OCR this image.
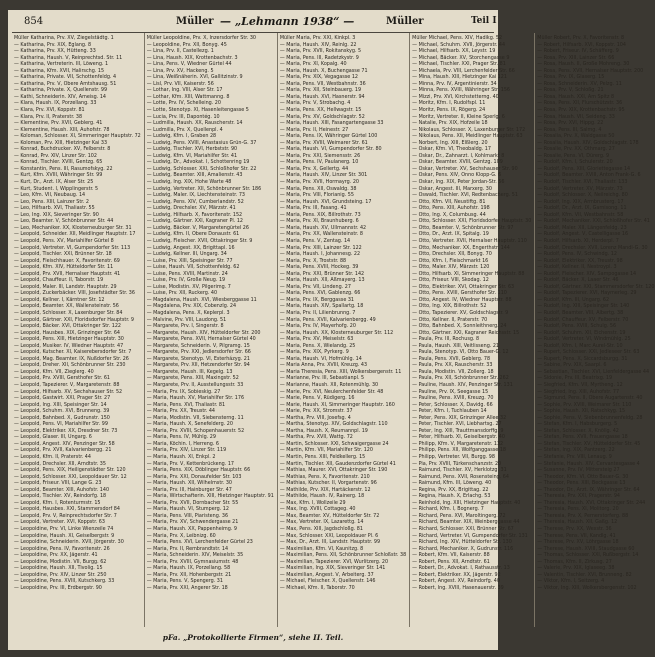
854	Müller — „Lehmann 1938“ —	Müller	Teil I
Müller Katharina, Prv. XV, Ziegelstädtg. 1
— Katharina, Prv. XIX, Eglang. 8
— Katharina, Prv. XX, Hütteng. 33
— Katharina, Haush. V, Reinprechtsd. Str. 11
— Katharina, Vertreterin. III, Löweng. 1
— Katharina, Kfm. XVII, Halirschg. 15
— Katharina, Private. VII, Schottenfeldg. 4
— Katharina, Prv. V, Obere Amtshausg. 51
— Katharina, Private. X, Quellenstr. 99
— Kathi, Schneiderin. XIV, Ameisg. 14
— Klara, Haush. IX, Porzellang. 33
— Klara, Prv. XVI, Koppstr. 81
— Klara, Prv. II, Praterstr. 38
— Klementine, Prv. XVII, Geblerg. 41
— Klementine, Haush. XIII, Auhofstr. 78
— Koloman, Schlosser. XI, Simmeringer Hauptstr. 72
— Koloman, Prv. XIII, Hietzinger Kai 33
— Konrad, Buchdrucker. XV, Felberstr. 8
— Konrad, Prv. XIV, Linzer Str. 102
— Konrad, Tischler. XVIII, Gentzg. 65
— Konstantin, Pens. III, Rasumofskyg. 22
— Kurt, Kfm. XVIII, Währinger Str. 99
— Kurt, Dr., Arzt. IX, Alser Str. 25
— Kurt, Student. I, Wipplingerstr. 5
— Leo, Kfm. VII, Neubaug. 14
— Leo, Pens. XIII, Lainzer Str. 2
— Leo, Hilfsarb. XVI, Thaliastr. 55
— Leo, Ing. XIX, Sieveringer Str. 90
— Leo, Beamter. V, Schönbrunner Str. 44
— Leo, Mechaniker. XX, Klosterneuburger Str. 31
— Leopold, Schneider. XII, Meidlinger Hauptstr. 17
— Leopold, Pens. XV, Mariahilfer Gürtel 8
— Leopold, Vertreter. VI, Gumpendorfer Str. 113
— Leopold, Tischler. XXI, Brünner Str. 18
— Leopold, Fleischhauer. X, Favoritenstr. 69
— Leopold, Kfm. XIV, Hütteldorfer Str. 11
— Leopold, Prv. XVII, Hernalser Hauptstr. 41
— Leopold, Chauffeur. II, Taborstr. 19
— Leopold, Maler. III, Landstr. Hauptstr. 29
— Leopold, Zuckerbäcker. VIII, Josefstädter Str. 36
— Leopold, Kellner. I, Kärntner Str. 12
— Leopold, Beamter. XX, Wallensteinstr. 56
— Leopold, Schlosser. X, Laxenburger Str. 84
— Leopold, Gärtner. XXI, Floridsdorfer Hauptstr. 9
— Leopold, Bäcker. XVI, Ottakringer Str. 122
— Leopold, Hausbes. XIX, Grinzinger Str. 64
— Leopold, Pens. XIII, Hietzinger Hauptstr. 30
— Leopold, Musiker. IV, Wiedner Hauptstr. 47
— Leopold, Kutscher. XI, Kaiserebersdorfer Str. 7
— Leopold, Mag. Beamter. IX, Nußdorfer Str. 26
— Leopold, Dreher. XII, Schönbrunner Str. 230
— Leopold, Kfm. VII, Zieglerg. 40
— Leopold, Prv. XVIII, Gersthofer Str. 61
— Leopold, Tapezierer. V, Margaretenstr. 88
— Leopold, Hilfsarb. XV, Sechshauser Str. 52
— Leopold, Gastwirt. XXI, Prager Str. 27
— Leopold, Ing. XIII, Speisinger Str. 14
— Leopold, Schuhm. XVI, Brunneng. 39
— Leopold, Bahnbed. X, Gudrunstr. 150
— Leopold, Pens. VI, Mariahilfer Str. 99
— Leopold, Elektriker. XX, Dresdner Str. 73
— Leopold, Glaser. III, Ungarg. 6
— Leopold, Angest. XIV, Penzinger Str. 58
— Leopold, Prv. XVII, Kalvarienbergg. 21
— Leopold, Kfm. II, Praterstr. 44
— Leopold, Drechsler. XII, Arndtstr. 35
— Leopold, Pens. XIX, Heiligenstädter Str. 120
— Leopold, Schlosser. XXI, Leopoldauer Str. 12
— Leopold, Friseur. VIII, Lange G. 23
— Leopold, Beamter. XIII, Auhofstr. 140
— Leopold, Tischler. XV, Reindorfg. 18
— Leopold, Kfm. I, Rotenturmstr. 15
— Leopold, Hausbes. XXI, Stammersdorf 84
— Leopold, Prv. V, Reinprechtsdorfer Str. 7
— Leopold, Vertreter. XVI, Koppstr. 63
— Leopoldine, Prv. VI, Linke Wienzeile 74
— Leopoldine, Haush. XI, Geiselbergstr. 9
— Leopoldine, Schneiderin. XVII, Jörgerstr. 30
— Leopoldine, Pens. IV, Favoritenstr. 26
— Leopoldine, Prv. XX, Jägerstr. 41
— Leopoldine, Modistin. VII, Burgg. 62
— Leopoldine, Haush. XII, Tivolig. 15
— Leopoldine, Prv. XIV, Linzer Str. 250
— Leopoldine, Pens. XVIII, Kutschkerg. 33
— Leopoldine, Prv. III, Erdbergstr. 90
Müller Leopoldine, Prv. X, Inzersdorfer Str. 30
— Leopoldine, Prv. XII, Bonyg. 45
— Lina, Prv. II, Castellezg. 1
— Lina, Haush. XIX, Krottenbachstr. 3
— Lina, Pens. V, Wiedner Gürtel 44
— Lina, Prv. XV, Hackeng. 5
— Lina, Weißnäherin. XVI, Gallitzinstr. 9
— Lisl, Prv. VII, Kaiserstr. 56
— Lothar, Ing. VIII, Alser Str. 17
— Lothar, Kfm. XIII, Wattmanng. 8
— Lotte, Prv. IV, Schelleing. 20
— Lotte, Stenotyp. XI, Hasenleitengasse 5
— Lucia, Prv. III, Dapontég. 10
— Ludmilla, Haush. XX, Rauscherstr. 14
— Ludmilla, Prv. X, Quellenpl. 4
— Ludwig, Kfm. I, Graben 28
— Ludwig, Pens. XVIII, Anastasius Grün-G. 37
— Ludwig, Tischler. XVI, Herbststr. 90
— Ludwig, Kfm. VI, Mariahilfer Str. 41
— Ludwig, Dr., Advokat. I, Schottenring 19
— Ludwig, Schlosser. XXI, Schloßhofer Str. 22
— Ludwig, Beamter. XIII, Amalienstr. 43
— Ludwig, Ing. XIX, Hohe Warte 48
— Ludwig, Vertreter. XII, Schönbrunner Str. 186
— Ludwig, Maler. IX, Liechtensteinstr. 73
— Ludwig, Pens. XIV, Cumberlandstr. 52
— Ludwig, Drechsler. XV, Märzstr. 41
— Ludwig, Hilfsarb. X, Favoritenstr. 152
— Ludwig, Gärtner. XXI, Kagraner Pl. 12
— Ludwig, Bäcker. V, Margaretengürtel 26
— Ludwig, Kfm. II, Obere Donaustr. 61
— Ludwig, Fleischer. XVII, Ottakringer Str. 9
— Ludwig, Angest. XX, Brigittapl. 16
— Ludwig, Kellner. III, Ungarg. 34
— Luise, Prv. XIII, Speisinger Str. 77
— Luise, Haush. VII, Schottenfeldg. 62
— Luise, Pens. XVIII, Martinstr. 24
— Luise, Prv. IV, Große Neug. 19
— Luise, Modistin. XV, Pilgerimg. 7
— Luise, Prv. XII, Ruckerg. 40
— Magdalena, Haush. XVI, Wiesberggasse 11
— Magdalena, Prv. XIX, Cobenzlg. 24
— Magdalena, Pens. X, Keplerpl. 3
— Malvine, Prv. VIII, Laudong. 51
— Margarete, Prv. I, Singerstr. 8
— Margarete, Haush. XIV, Hütteldorfer Str. 200
— Margarete, Pens. XVII, Hernalser Gürtel 40
— Margarete, Schneiderin. V, Pilgramg. 15
— Margarete, Prv. XXI, Jedlersdorfer Str. 66
— Margarete, Stenotyp. VI, Esterházyg. 21
— Margarete, Prv. XII, Hetzendorfer Str. 94
— Margarete, Haush. III, Kegelg. 13
— Margarete, Pens. XIII, Maxingstr. 52
— Margarete, Prv. II, Ausstellungsstr. 33
— Maria, Prv. IX, Sobieskig. 27
— Maria, Haush. XV, Mariahilfer Str. 176
— Maria, Pens. XVI, Thaliastr. 81
— Maria, Prv. XX, Treustr. 44
— Maria, Modistin. VII, Siebensterng. 11
— Maria, Haush. X, Senefelderg. 20
— Maria, Prv. XVIII, Schopenhauerstr. 52
— Maria, Pens. IV, Mühlg. 29
— Maria, Köchin. I, Herreng. 6
— Maria, Prv. XIV, Linzer Str. 119
— Maria, Haush. XI, Enkpl. 2
— Maria, Prv. V, Kettenbrückeng. 17
— Maria, Pens. XIX, Döblinger Hauptstr. 66
— Maria, Prv. XXI, Donaufelder Str. 103
— Maria, Haush. XII, Wilhelmstr. 30
— Maria, Prv. III, Hainburger Str. 47
— Maria, Wirtschafterin. XIII, Hietzinger Hauptstr. 91
— Maria, Prv. XVII, Dornbacher Str. 55
— Maria, Haush. VI, Stumperg. 12
— Maria, Pens. VIII, Piaristeng. 36
— Maria, Prv. XV, Schwendergasse 21
— Maria, Haush. XX, Pappenheimg. 9
— Maria, Prv. X, Leibnizg. 60
— Maria, Pens. XVI, Lerchenfelder Gürtel 23
— Maria, Prv. II, Rembrandtstr. 14
— Maria, Schneiderin. XIV, Meiselstr. 35
— Maria, Prv. XVIII, Gymnasiumstr. 48
— Maria, Haush. IX, Porzellang. 58
— Maria, Prv. XII, Hohenbergstr. 21
— Maria, Pens. V, Spengerg. 31
— Maria, Prv. XXI, Angerer Str. 18
Müller Maria, Prv. XXI, Kinkpl. 3
— Maria, Haush. XIV, Reinlg. 22
— Maria, Prv. XVII, Rokitanskyg. 5
— Maria, Pens. III, Radetzkystr. 9
— Maria, Prv. XI, Kopalg. 40
— Maria, Haush. X, Buchengasse 71
— Maria, Prv. XIX, Vegagasse 12
— Maria, Pens. VII, Westbahnstr. 36
— Maria, Prv. XII, Steinbauerg. 19
— Maria, Haush. XVI, Hasnerstr. 94
— Maria, Prv. V, Strobachg. 4
— Maria, Pens. XX, Hellwagstr. 15
— Maria, Prv. XV, Goldschlagstr. 52
— Maria, Haush. XIII, Fasangartengasse 33
— Maria, Prv. II, Heinestr. 27
— Maria, Pens. IX, Währinger Gürtel 100
— Maria, Prv. XVIII, Weimarer Str. 61
— Maria, Haush. VI, Gumpendorfer Str. 80
— Maria, Prv. XXI, Siemensstr. 26
— Maria, Pens. IV, Paulanerg. 10
— Maria, Prv. X, Gellertg. 44
— Maria, Haush. XIV, Linzer Str. 301
— Maria, Prv. XVII, Hormayrg. 20
— Maria, Pens. XII, Oswaldg. 38
— Maria, Prv. VIII, Florianig. 55
— Maria, Haush. XVI, Grundsteing. 17
— Maria, Prv. III, Fasang. 41
— Maria, Pens. XIX, Billrothstr. 73
— Maria, Prv. XI, Braunhuberg. 6
— Maria, Haush. XV, Ullmannstr. 42
— Maria, Prv. XX, Wallensteinstr. 8
— Maria, Pens. V, Zentag. 14
— Maria, Prv. XIII, Lainzer Str. 122
— Maria, Haush. I, Johannesg. 22
— Maria, Prv. X, Troststr. 88
— Maria, Pens. XVIII, Hockeg. 39
— Maria, Prv. XXI, Brünner Str. 142
— Maria, Haush. XII, Aßmayerg. 13
— Maria, Prv. VII, Lindeng. 27
— Maria, Pens. XVI, Gablenzg. 66
— Maria, Prv. IX, Berggasse 31
— Maria, Haush. XIV, Spallartg. 18
— Maria, Prv. II, Lilienbrunng. 7
— Maria, Pens. XVII, Kalvarienbergg. 49
— Maria, Prv. IV, Mayerhofg. 20
— Maria, Haush. XX, Klosterneuburger Str. 112
— Maria, Prv. XV, Meiselstr. 63
— Maria, Pens. X, Wielandg. 25
— Maria, Prv. XIX, Pyrkerg. 9
— Maria, Haush. VI, Hofmühlg. 14
— Maria Anna, Prv. XVIII, Kreuzg. 43
— Maria Theresia, Pens. XIII, Wolkersbergenstr. 11
— Marianne, Prv. III, Sebastianpl. 5
— Marianne, Haush. XII, Rotenmühlg. 30
— Marie, Prv. XVI, Neulerchenfelder Str. 48
— Marie, Pens. V, Rüdigerg. 16
— Marie, Haush. XI, Simmeringer Hauptstr. 160
— Marie, Prv. XX, Stromstr. 37
— Martha, Prv. VIII, Josefsg. 4
— Martha, Stenotyp. XIV, Goldschlagstr. 110
— Martha, Haush. X, Reumannpl. 19
— Martha, Prv. XVII, Wattg. 72
— Martin, Schlosser. XXI, Schwaigergasse 24
— Martin, Kfm. VII, Mariahilfer Str. 120
— Martin, Pens. XIII, Feldkellerg. 15
— Martin, Tischler. XII, Gaudenzdorfer Gürtel 41
— Mathias, Maurer. XVI, Ottakringer Str. 190
— Mathias, Pens. X, Favoritenstr. 210
— Mathias, Kutscher. II, Vorgartenstr. 96
— Mathilde, Prv. XIX, Hartäckerstr. 12
— Mathilde, Haush. IV, Rainerg. 18
— Max, Kfm. I, Wollzeile 29
— Max, Ing. XVIII, Cottageg. 40
— Max, Beamter. XV, Hütteldorfer Str. 72
— Max, Vertreter. IX, Lazarettg. 14
— Max, Pens. XIII, Jagdschloßg. 81
— Max, Schlosser. XXI, Leopoldauer Pl. 6
— Max, Dr., Arzt. III, Landstr. Hauptstr. 99
— Maximilian, Kfm. VI, Kaunitzg. 8
— Maximilian, Pens. XII, Schönbrunner Schloßstr. 38
— Maximilian, Tapezierer. XVI, Wurlitzerg. 20
— Maximilian, Ing. XIX, Sieveringer Str. 141
— Maximilian, Angest. V, Arbeiterg. 37
— Michael, Fleischer. X, Quellenstr. 146
— Michael, Kfm. II, Taborstr. 70
Müller Michael, Pens. XIV, Hadikg. 52
— Michael, Schuhm. XVII, Jörgerstr. 44
— Michael, Hilfsarb. XX, Leystr. 19
— Michael, Bäcker. XV, Storchengasse 9
— Michael, Tischler. XXI, Prager Str. 81
— Michaela, Prv. VIII, Lerchenfelder Str. 66
— Mina, Haush. XIII, Hietzinger Kai 121
— Minna, Prv. IV, Argentinierstr. 34
— Minna, Pens. XVIII, Währinger Str. 156
— Mizzi, Prv. XVI, Kirchstetterng. 40
— Moritz, Kfm. I, Rudolfspl. 11
— Moritz, Pens. IX, Rögerg. 24
— Moritz, Vertreter. II, Kleine Sperlg. 6
— Natalie, Prv. XIX, Hofzeile 18
— Nikolaus, Schlosser. X, Laxenburger Str. 172
— Nikolaus, Pens. XII, Meidlinger Hauptstr. 63
— Norbert, Ing. XIII, Elßlerg. 20
— Oskar, Kfm. VI, Theobaldg. 17
— Oskar, Dr., Zahnarzt. I, Kohlmarkt 8
— Oskar, Beamter. XVIII, Gentzg. 109
— Oskar, Vertreter. XV, Sechshauser Str. 90
— Oskar, Pens. XIV, Onno Klopp-G. 6
— Oskar, Ing. XIX, Peter Jordan-Str. 56
— Oskar, Angest. III, Marxerg. 30
— Oswald, Tischler. XVI, Redtenbacherg. 51
— Otto, Kfm. VII, Neustiftg. 81
— Otto, Pens. XIII, Auhofstr. 198
— Otto, Ing. X, Columbusg. 44
— Otto, Schlosser. XXI, Floridsdorfer Hauptstr. 30
— Otto, Beamter. V, Schönbrunner Str. 97
— Otto, Dr., Arzt. IX, Spitalg. 19
— Otto, Vertreter. XVII, Hernalser Hauptstr. 110
— Otto, Mechaniker. XX, Engerthstr. 144
— Otto, Drechsler. XII, Bonyg. 70
— Otto, Kfm. I, Fleischmarkt 16
— Otto, Maler. XIV, Märzstr. 120
— Otto, Hilfsarb. XI, Simmeringer Hauptstr. 88
— Otto, Friseur. VIII, Skodag. 12
— Otto, Elektriker. XVI, Ottakringer Str. 63
— Otto, Pens. XVIII, Gersthofer Str. 110
— Otto, Angest. IV, Wiedner Hauptstr. 88
— Otto, Ing. XIX, Billrothstr. 52
— Otto, Tapezierer. XV, Goldschlagstr. 9
— Otto, Kellner. II, Praterstr. 70
— Otto, Bahnbed. X, Sonnleithnerg. 24
— Otto, Gärtner. XXI, Kagraner Reichsstr. 15
— Paula, Prv. III, Rochusg. 8
— Paula, Haush. XIII, Veitlisseng. 21
— Paula, Stenotyp. VI, Otto Bauer-G. 12
— Paula, Pens. XVII, Geblerg. 78
— Paula, Prv. XX, Rauscherstr. 33
— Paula, Modistin. VII, Zollerg. 18
— Paula, Prv. XII, Schönbrunner Str. 262
— Pauline, Haush. XIV, Penzinger Str. 131
— Pauline, Prv. IX, Seegasse 15
— Pauline, Pens. XVIII, Kreuzg. 70
— Peter, Schlosser. X, Davidg. 66
— Peter, Kfm. I, Tuchlauben 14
— Peter, Pens. XIX, Grinzinger Allee 32
— Peter, Tischler. XVI, Liebhartsg. 27
— Peter, Ing. XIII, Trauttmansdorffg. 9
— Peter, Hilfsarb. XI, Geiselbergstr. 40
— Philipp, Kfm. V, Margaretenstr. 132
— Philipp, Pens. XII, Wolfganggasse 18
— Philipp, Vertreter. VII, Burgg. 98
— Pia, Prv. XVIII, Türkenschanzstr. 20
— Raimund, Tischler. XV, Herklotzg. 31
— Raimund, Pens. XVII, Rosensteing. 64
— Raimund, Kfm. III, Löweng. 40
— Regina, Prv. XX, Brigittag. 22
— Regina, Haush. X, Erlachg. 53
— Reinhold, Ing. XIII, Hietzinger Hauptstr. 40
— Richard, Kfm. I, Bognerg. 7
— Richard, Pens. XVI, Maroltingerg. 72
— Richard, Beamter. XIX, Weinberggasse 44
— Richard, Schlosser. XXI, Brünner Str. 67
— Richard, Vertreter. VI, Gumpendorfer Str. 131
— Richard, Ing. XIV, Hütteldorfer Str. 130
— Richard, Mechaniker. X, Gudrunstr. 116
— Robert, Kfm. VII, Kaiserstr. 88
— Robert, Pens. XII, Arndtstr. 61
— Robert, Dr., Advokat. I, Rathausstr. 13
— Robert, Elektriker. XX, Jägerstr. 92
— Robert, Angest. XV, Reindorfg. 40
— Robert, Ing. XVIII, Hasenauerstr. 39
Müller Robert, Prv. X, Favoritenstr. 8
— Robert, Hilfsarb. XVI, Koppstr. 104
— Robert, Friseur. IV, Schäfferg. 9
— Rosa, Prv. XIII, Lainzer Str. 66
— Rosa, Haush. II, Große Mohreng. 30
— Rosa, Pens. XVII, Hernalser Hauptstr. 200
— Rosa, Prv. IX, Glaserg. 15
— Rosa, Schneiderin. XV, Pelzg. 11
— Rosa, Prv. V, Schloßg. 21
— Rosa, Haush. XXI, Am Spitz 8
— Rosa, Pens. XII, Flurschützstr. 36
— Rosa, Prv. XIX, Krottenbachstr. 95
— Rosa, Haush. VII, Seideng. 33
— Rosa, Prv. XVI, Hippg. 22
— Rosa, Pens. III, Salmg. 4
— Rosalia, Prv. X, Waldgasse 50
— Rosalia, Haush. XIV, Goldschlagstr. 178
— Rosalie, Prv. XX, Othmarg. 27
— Rosalie, Pens. VI, Dürerg. 9
— Rudolf, Kfm. I, Schulerstr. 20
— Rudolf, Pens. XIII, Gloriettegasse 14
— Rudolf, Beamter. XVIII, Anton Frank-G. 6
— Rudolf, Tischler. XVI, Thaliastr. 133
— Rudolf, Vertreter. XV, Märzstr. 73
— Rudolf, Schlosser. X, Neilreichg. 80
— Rudolf, Ing. XIX, Armbrusterg. 17
— Rudolf, Dr., Arzt. IX, Garnisong. 11
— Rudolf, Kfm. VII, Westbahnstr. 58
— Rudolf, Mechaniker. XXI, Schloßhofer Str. 41
— Rudolf, Maler. XII, Längenfeldg. 23
— Rudolf, Angest. V, Castelligasse 16
— Rudolf, Hilfsarb. XI, Herderpl. 7
— Rudolf, Drechsler. XVII, Lorenz Mandl-G. 30
— Rudolf, Pens. IV, Schwindg. 12
— Rudolf, Elektriker. XX, Treustr. 98
— Rudolf, Kellner. II, Nestroypl. 3
— Rudolf, Fleischer. XIV, Sampogasse 14
— Rudolf, Bäcker. X, Laaer Str. 46
— Rudolf, Gärtner. XXI, Stammersdorfer Str. 120
— Rudolf, Tapezierer. XVI, Haymerleg. 29
— Rudolf, Kfm. III, Ungarg. 62
— Rudolf, Ing. XIII, Speisinger Str. 140
— Rudolf, Beamter. VIII, Albertg. 38
— Rudolf, Chauffeur. XV, Felberstr. 70
— Rudolf, Pens. XVIII, Schulg. 56
— Rudolf, Schuhm. XII, Eichenstr. 19
— Rudolf, Vertreter. VI, Windmühlg. 25
— Rudolf, Kfm. I, Marc Aurel-Str. 10
— Rupert, Schlosser. XXI, Jedleseer Str. 63
— Rupert, Pens. X, Siccardsburgg. 31
— Sabine, Prv. XIX, Saarpl. 6
— Sebastian, Tischler. XVI, Lienfeldergasse 44
— Sidonie, Prv. III, Beatrixg. 19
— Siegfried, Kfm. VII, Myrtheng. 12
— Siegfried, Ing. XIII, Auhofstr. 77
— Sigmund, Pens. II, Obere Augartenstr. 40
— Sophie, Prv. XVIII, Weimarer Str. 110
— Sophie, Haush. XII, Ratschkyg. 15
— Sophie, Pens. V, Siebenbrunnenfeldg. 28
— Stefan, Kfm. I, Habsburgerg. 5
— Stefan, Schlosser. X, Knöllg. 42
— Stefan, Pens. XVII, Frauengasse 18
— Stefan, Tischler. XV, Hütteldorfer Str. 45
— Stefan, Ing. XIX, Pantzerg. 22
— Stefanie, Prv. VIII, Lenaug. 9
— Stefanie, Haush. XIV, Cervantesgasse 4
— Susanne, Prv. IV, Mittersteig 27
— Theodor, Kfm. VI, Otto Bauer-G. 30
— Theodor, Pens. XIII, Beckgasse 13
— Theodor, Dr., Arzt. IX, Währinger Str. 64
— Theresia, Prv. XXI, Pragerstr. 94
— Theresia, Haush. XVI, Ottakringer Str. 244
— Theresia, Pens. XI, Molitorg. 20
— Theresia, Prv. X, Pernerstorferg. 88
— Theresia, Haush. XII, Gaßg. 12
— Therese, Prv. XX, Wexstr. 36
— Therese, Pens. VII, Kandlg. 41
— Therese, Prv. XV, Löhrgasse 18
— Therese, Haush. XVIII, Staudgasse 60
— Thomas, Schlosser. XXI, Rußbergstr. 14
— Thomas, Kfm. II, Zirkusg. 27
— Valerie, Prv. XIX, Iglaseeg. 38
— Valentin, Tischler. XVI, Brunneng. 82
— Viktor, Kfm. I, Seitzerg. 4
— Viktor, Ing. XIII, Wolkersbergenstr. 102
pFa. „Protokollierte Firmen“, siehe II. Teil.
